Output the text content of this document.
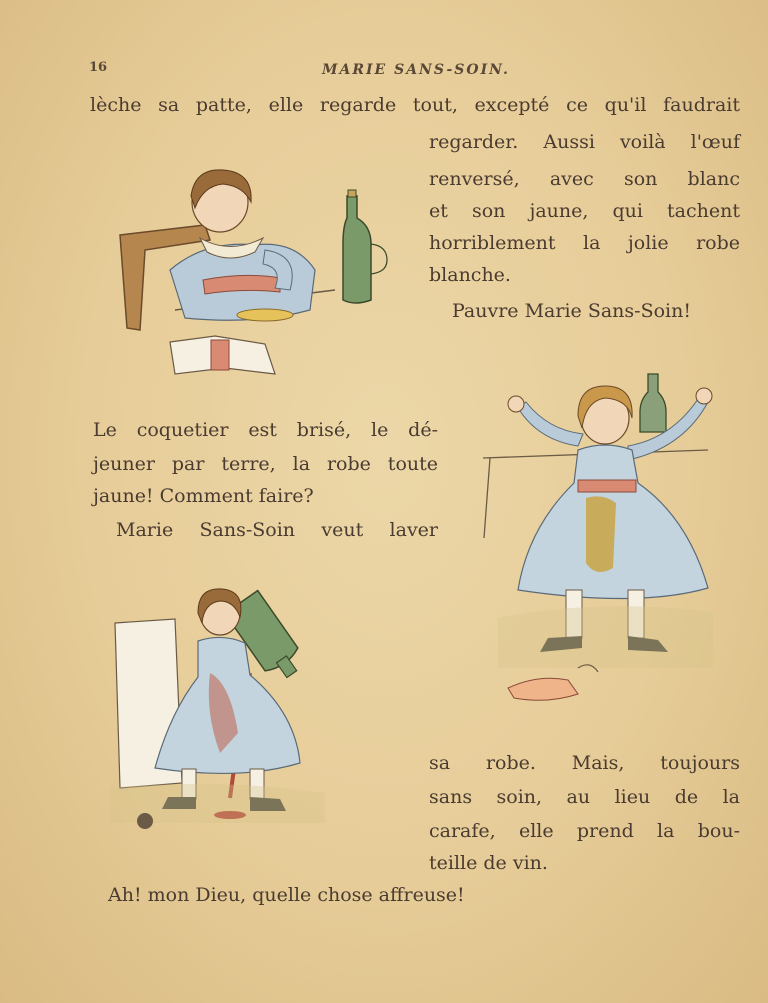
16	MARIE SANS-SOIN.
lèche sa patte, elle regarde tout, excepté ce qu'il faudrait
regarder. Aussi voilà l'œuf
renversé, avec son blanc
et son jaune, qui tachent
horriblement la jolie robe
blanche.
Pauvre Marie Sans-Soin!
Le coquetier est brisé, le dé-
jeuner par terre, la robe toute
jaune! Comment faire?
Marie Sans-Soin veut laver
sa robe. Mais, toujours
sans soin, au lieu de la
carafe, elle prend la bou-
teille de vin.
Ah! mon Dieu, quelle chose affreuse!
